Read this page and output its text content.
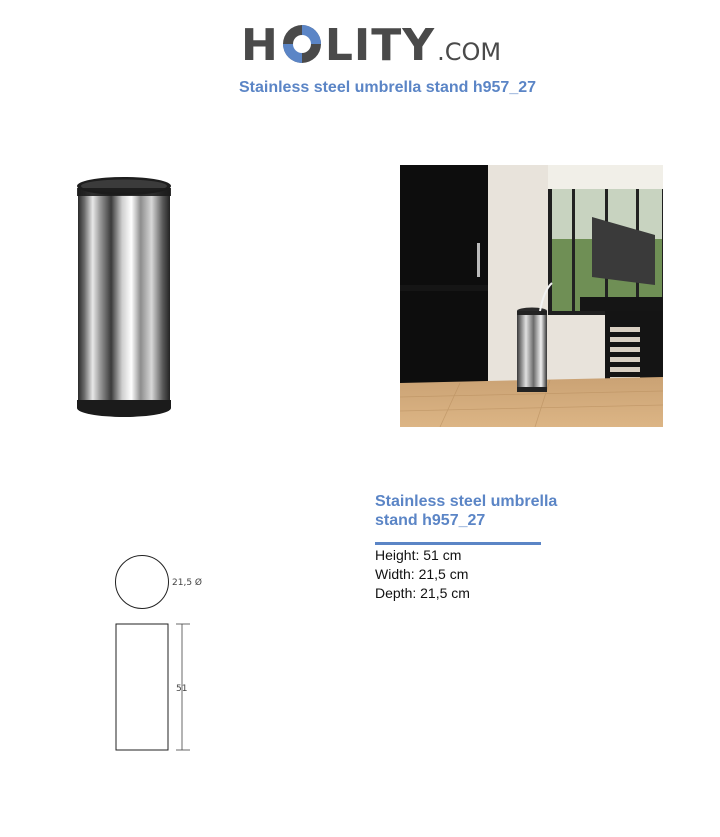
H LITY .COM
Stainless steel umbrella stand h957_27
Stainless steel umbrella stand h957_27
Height: 51 cm
Width: 21,5 cm
Depth: 21,5 cm
21,5 Ø
51
